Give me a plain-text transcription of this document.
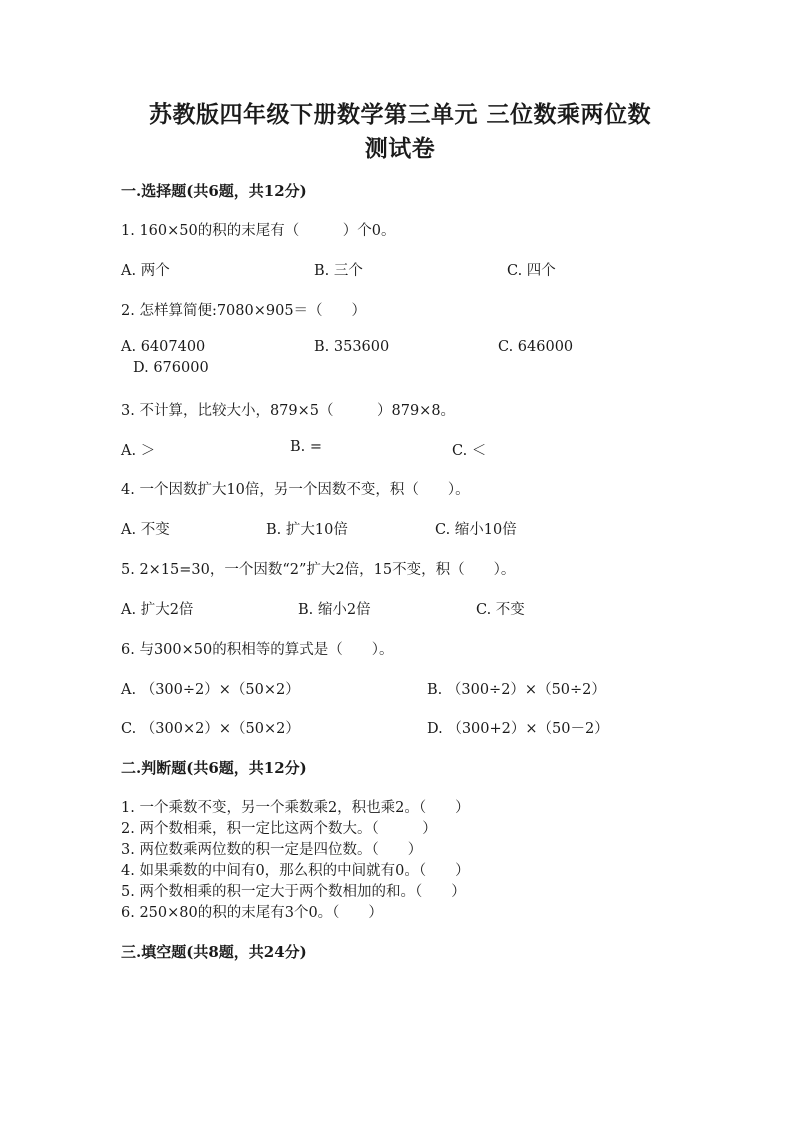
苏教版四年级下册数学第三单元 三位数乘两位数
测试卷
一.选择题(共6题，共12分)
1. 160×50的积的末尾有（　　　）个0。
A. 两个	B. 三个	C. 四个
2. 怎样算简便:7080×905＝（　　）
A. 6407400	B. 353600	C. 646000
D. 676000
3. 不计算，比较大小，879×5（　　　）879×8。
A. ＞	B. =	C. ＜
4. 一个因数扩大10倍，另一个因数不变，积（　　）。
A. 不变	B. 扩大10倍	C. 缩小10倍
5. 2×15=30，一个因数“2”扩大2倍，15不变，积（　　）。
A. 扩大2倍	B. 缩小2倍	C. 不变
6. 与300×50的积相等的算式是（　　）。
A. （300÷2）×（50×2）	B. （300÷2）×（50÷2）
C. （300×2）×（50×2）	D. （300+2）×（50－2）
二.判断题(共6题，共12分)
1. 一个乘数不变，另一个乘数乘2，积也乘2。（　　）
2. 两个数相乘，积一定比这两个数大。（　　　）
3. 两位数乘两位数的积一定是四位数。（　　）
4. 如果乘数的中间有0，那么积的中间就有0。（　　）
5. 两个数相乘的积一定大于两个数相加的和。（　　）
6. 250×80的积的末尾有3个0。（　　）
三.填空题(共8题，共24分)
